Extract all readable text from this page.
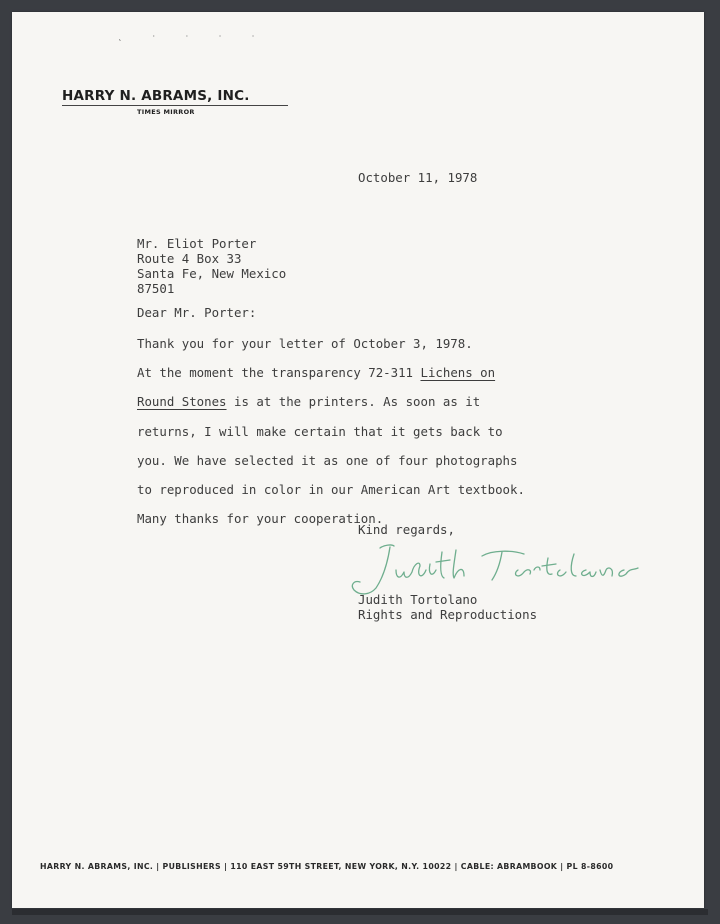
˛ · · · ·
HARRY N. ABRAMS, INC.
TIMES MIRROR
October 11, 1978
Mr. Eliot Porter
Route 4 Box 33
Santa Fe, New Mexico
87501
Dear Mr. Porter:
Thank you for your letter of October 3, 1978.
At the moment the transparency 72-311 Lichens on
Round Stones is at the printers. As soon as it
returns, I will make certain that it gets back to
you. We have selected it as one of four photographs
to reproduced in color in our American Art textbook.
Many thanks for your cooperation.
Kind regards,
Judith Tortolano
Rights and Reproductions
HARRY N. ABRAMS, INC. | PUBLISHERS | 110 EAST 59TH STREET, NEW YORK, N.Y. 10022 | CABLE: ABRAMBOOK | PL 8-8600
